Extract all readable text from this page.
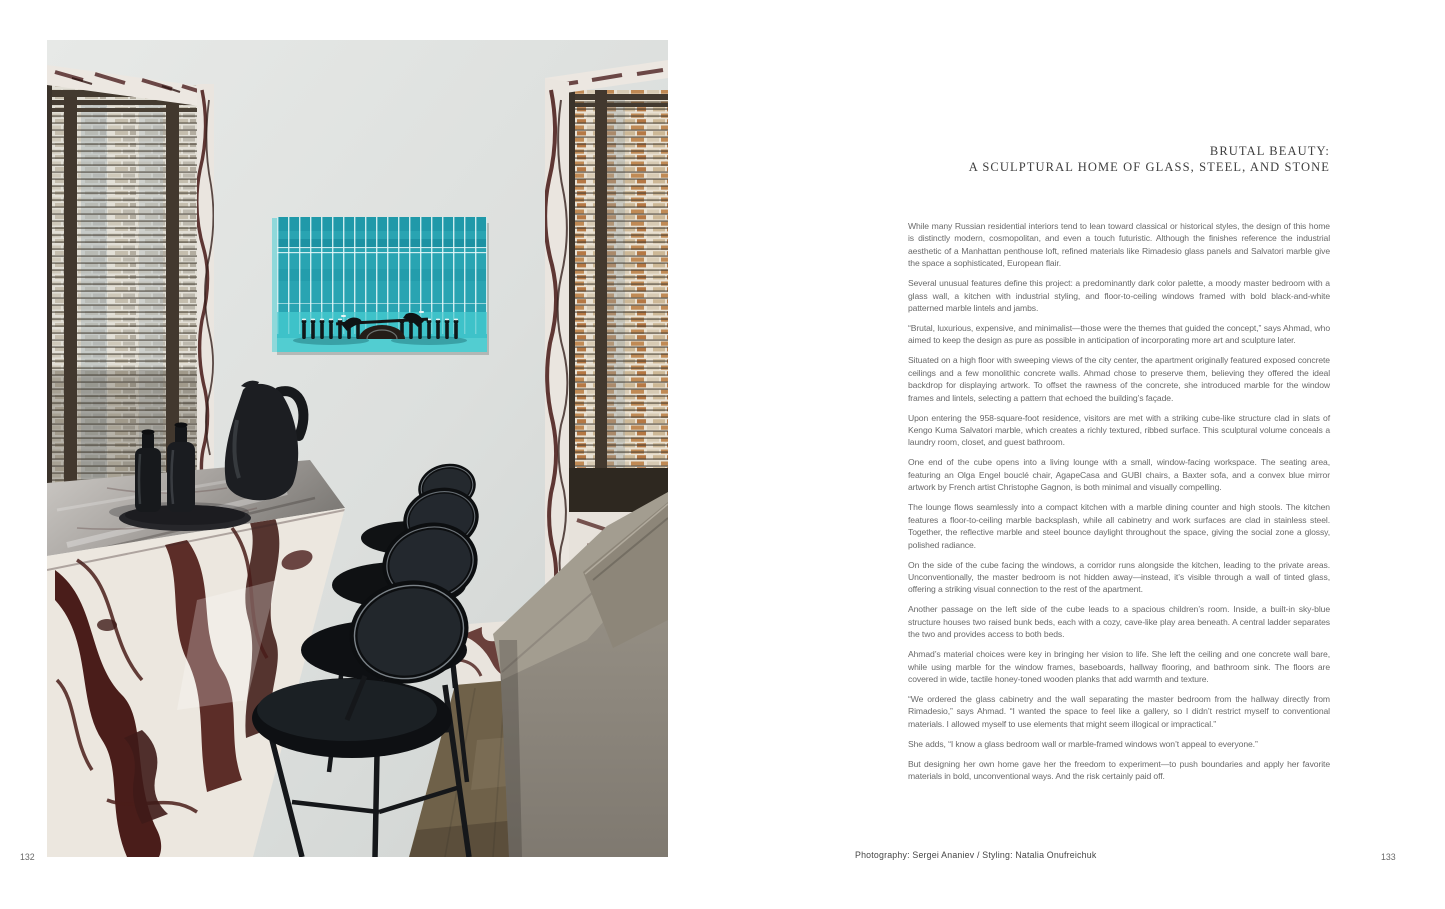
BRUTAL BEAUTY:
A SCULPTURAL HOME OF GLASS, STEEL, AND STONE

While many Russian residential interiors tend to lean toward classical or historical styles, the design of this home is distinctly modern, cosmopolitan, and even a touch futuristic. Although the finishes reference the industrial aesthetic of a Manhattan penthouse loft, refined materials like Rimadesio glass panels and Salvatori marble give the space a sophisticated, European flair.

Several unusual features define this project: a predominantly dark color palette, a moody master bedroom with a glass wall, a kitchen with industrial styling, and floor-to-ceiling windows framed with bold black-and-white patterned marble lintels and jambs.

“Brutal, luxurious, expensive, and minimalist—those were the themes that guided the concept,” says Ahmad, who aimed to keep the design as pure as possible in anticipation of incorporating more art and sculpture later.

Situated on a high floor with sweeping views of the city center, the apartment originally featured exposed concrete ceilings and a few monolithic concrete walls. Ahmad chose to preserve them, believing they offered the ideal backdrop for displaying artwork. To offset the rawness of the concrete, she introduced marble for the window frames and lintels, selecting a pattern that echoed the building’s façade.

Upon entering the 958-square-foot residence, visitors are met with a striking cube-like structure clad in slats of Kengo Kuma Salvatori marble, which creates a richly textured, ribbed surface. This sculptural volume conceals a laundry room, closet, and guest bathroom.

One end of the cube opens into a living lounge with a small, window-facing workspace. The seating area, featuring an Olga Engel bouclé chair, AgapeCasa and GUBI chairs, a Baxter sofa, and a convex blue mirror artwork by French artist Christophe Gagnon, is both minimal and visually compelling.

The lounge flows seamlessly into a compact kitchen with a marble dining counter and high stools. The kitchen features a floor-to-ceiling marble backsplash, while all cabinetry and work surfaces are clad in stainless steel. Together, the reflective marble and steel bounce daylight throughout the space, giving the social zone a glossy, polished radiance.

On the side of the cube facing the windows, a corridor runs alongside the kitchen, leading to the private areas. Unconventionally, the master bedroom is not hidden away—instead, it’s visible through a wall of tinted glass, offering a striking visual connection to the rest of the apartment.

Another passage on the left side of the cube leads to a spacious children’s room. Inside, a built-in sky-blue structure houses two raised bunk beds, each with a cozy, cave-like play area beneath. A central ladder separates the two and provides access to both beds.

Ahmad’s material choices were key in bringing her vision to life. She left the ceiling and one concrete wall bare, while using marble for the window frames, baseboards, hallway flooring, and bathroom sink. The floors are covered in wide, tactile honey-toned wooden planks that add warmth and texture.

“We ordered the glass cabinetry and the wall separating the master bedroom from the hallway directly from Rimadesio,” says Ahmad. “I wanted the space to feel like a gallery, so I didn’t restrict myself to conventional materials. I allowed myself to use elements that might seem illogical or impractical.”

She adds, “I know a glass bedroom wall or marble-framed windows won’t appeal to everyone.”

But designing her own home gave her the freedom to experiment—to push boundaries and apply her favorite materials in bold, unconventional ways. And the risk certainly paid off.

Photography: Sergei Ananiev / Styling: Natalia Onufreichuk
132	133
